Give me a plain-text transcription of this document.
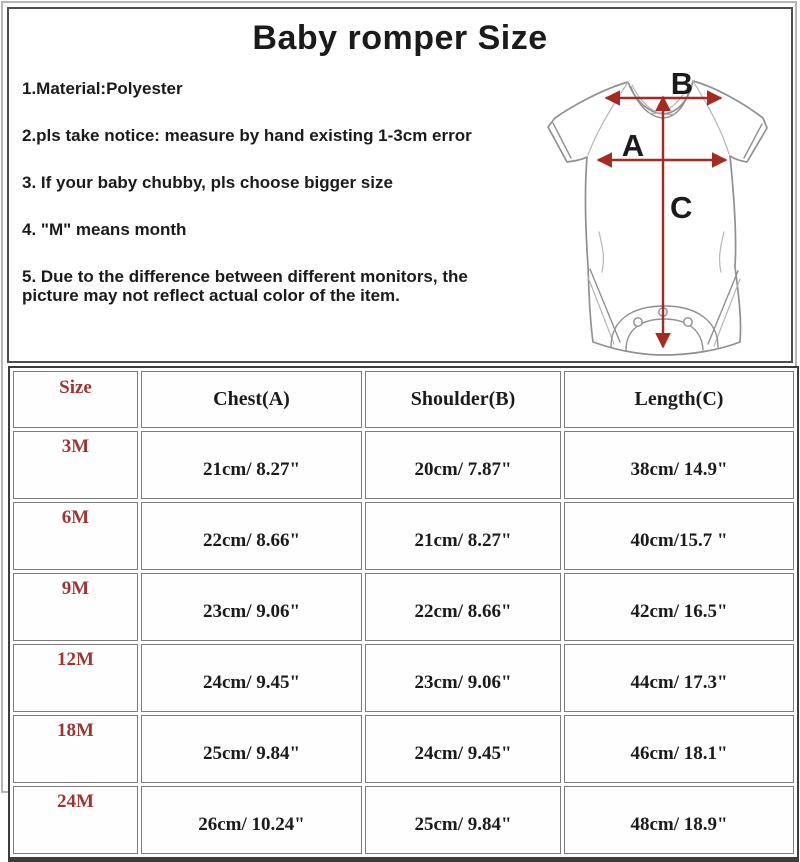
Baby romper Size
1.Material:Polyester
2.pls take notice: measure by hand existing 1-3cm error
3. If your baby chubby, pls choose bigger size
4. "M" means month
5. Due to the difference between different monitors, the picture may not reflect actual color of the item.
A
B
C
Size	Chest(A)	Shoulder(B)	Length(C)
3M	21cm/ 8.27"	20cm/ 7.87"	38cm/ 14.9"
6M	22cm/ 8.66"	21cm/ 8.27"	40cm/15.7 "
9M	23cm/ 9.06"	22cm/ 8.66"	42cm/ 16.5"
12M	24cm/ 9.45"	23cm/ 9.06"	44cm/ 17.3"
18M	25cm/ 9.84"	24cm/ 9.45"	46cm/ 18.1"
24M	26cm/ 10.24"	25cm/ 9.84"	48cm/ 18.9"
